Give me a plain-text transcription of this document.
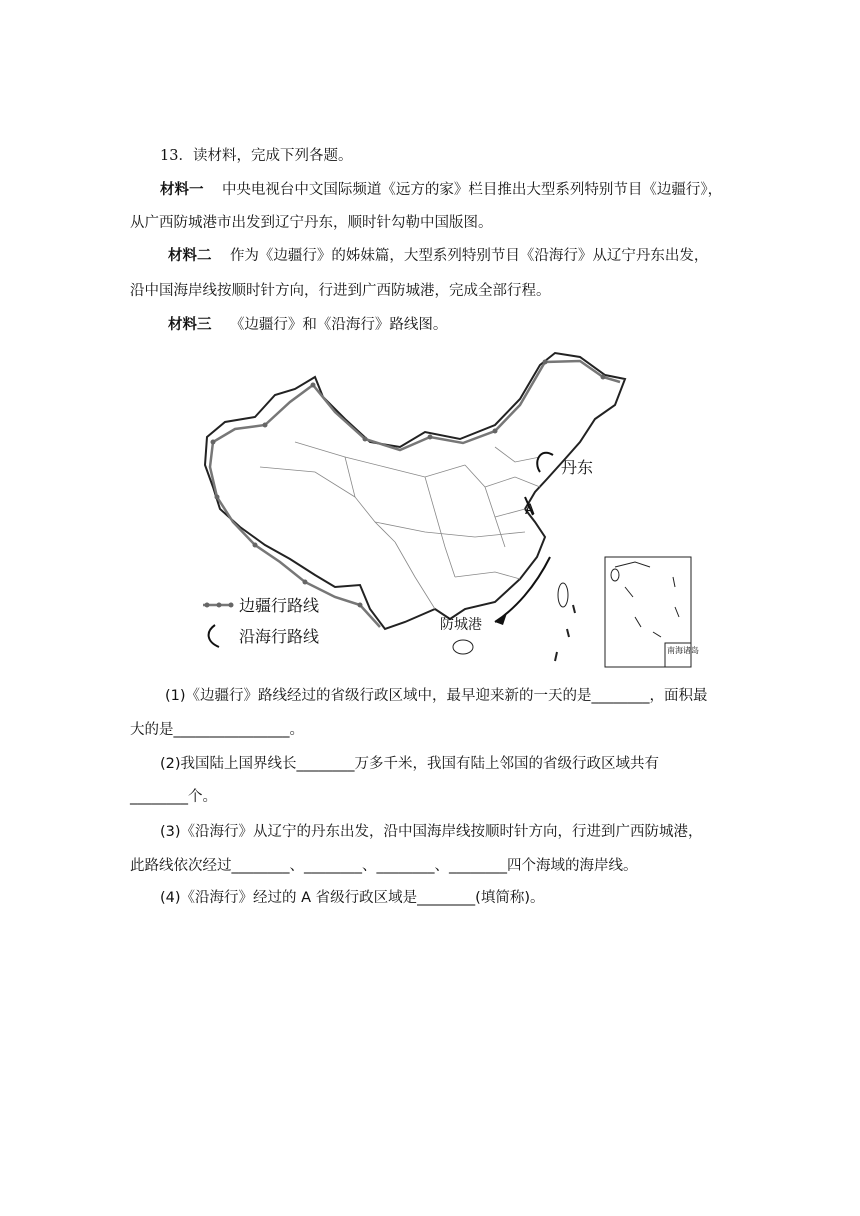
13．读材料，完成下列各题。
材料一 中央电视台中文国际频道《远方的家》栏目推出大型系列特别节目《边疆行》，
从广西防城港市出发到辽宁丹东，顺时针勾勒中国版图。
材料二 作为《边疆行》的姊妹篇，大型系列特别节目《沿海行》从辽宁丹东出发，
沿中国海岸线按顺时针方向，行进到广西防城港，完成全部行程。
材料三 《边疆行》和《沿海行》路线图。
丹东
A
防城港
边疆行路线
沿海行路线
南海诸岛
(1)《边疆行》路线经过的省级行政区域中，最早迎来新的一天的是________，面积最
大的是________________。
(2)我国陆上国界线长________万多千米，我国有陆上邻国的省级行政区域共有
________个。
(3)《沿海行》从辽宁的丹东出发，沿中国海岸线按顺时针方向，行进到广西防城港，
此路线依次经过________、________、________、________四个海域的海岸线。
(4)《沿海行》经过的 A 省级行政区域是________(填简称)。
